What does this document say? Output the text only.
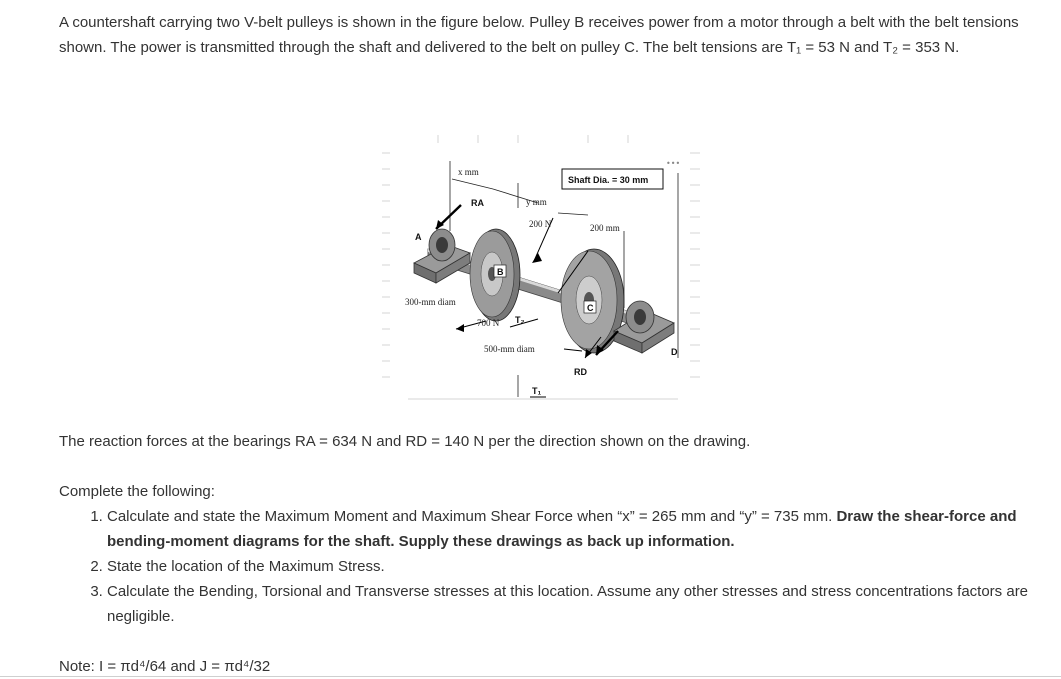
A countershaft carrying two V-belt pulleys is shown in the figure below. Pulley B receives power from a motor through a belt with the belt tensions shown. The power is transmitted through the shaft and delivered to the belt on pulley C. The belt tensions are T₁ = 53 N and T₂ = 353 N.

x mm
RA	y mm
200 N	200 mm
A
B
C
D
300-mm diam
700 N T₂
500-mm diam
RD
T₁
Shaft Dia. = 30 mm
•••

The reaction forces at the bearings RA = 634 N and RD = 140 N per the direction shown on the drawing.

Complete the following:

1. Calculate and state the Maximum Moment and Maximum Shear Force when “x” = 265 mm and “y” = 735 mm. Draw the shear-force and bending-moment diagrams for the shaft. Supply these drawings as back up information.
2. State the location of the Maximum Stress.
3. Calculate the Bending, Torsional and Transverse stresses at this location. Assume any other stresses and stress concentrations factors are negligible.

Note: I = πd⁴/64 and J = πd⁴/32
